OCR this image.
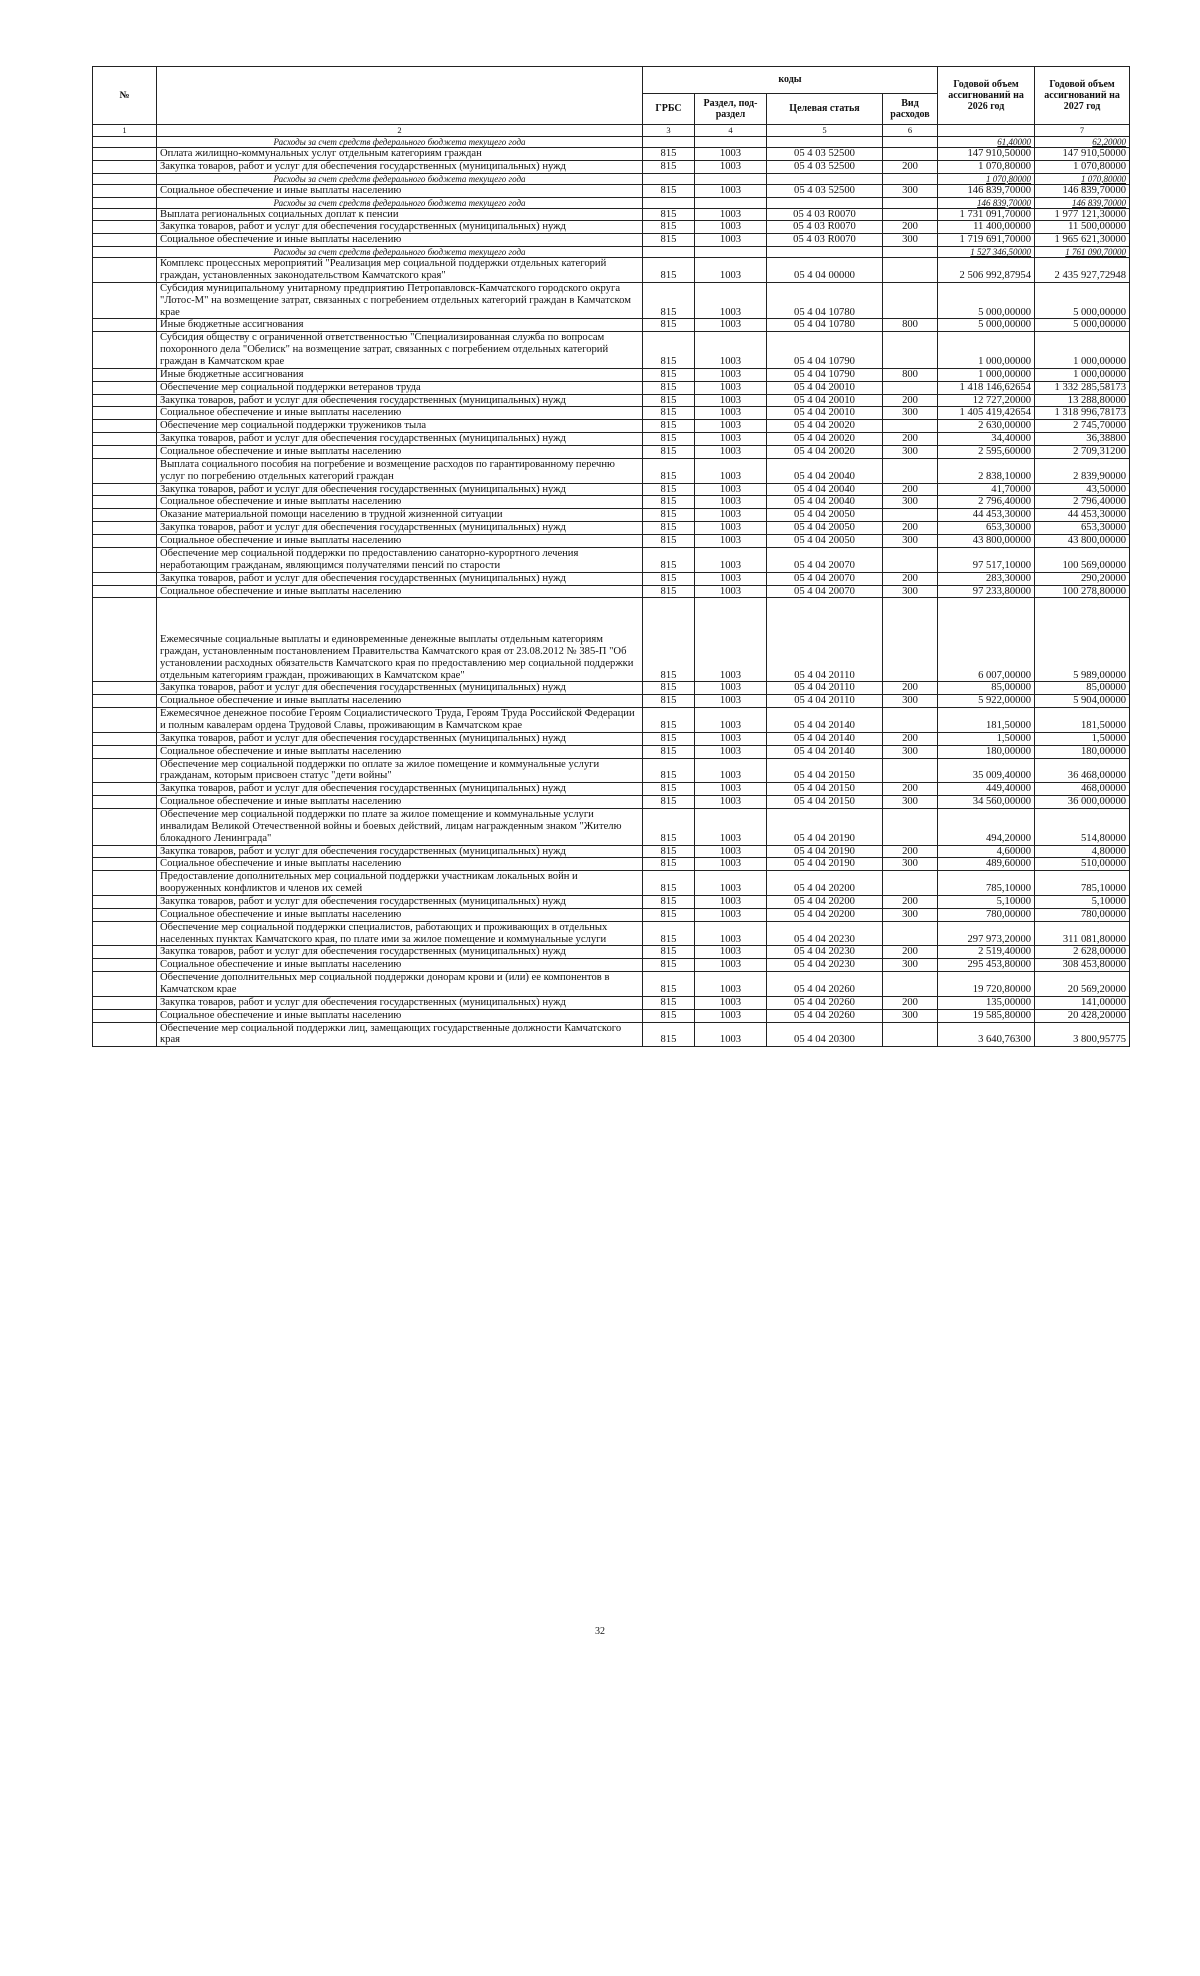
№		коды				Годовой объем ассигнований на 2026 год	Годовой объем ассигнований на 2027 год
		ГРБС	Раздел, под-раздел	Целевая статья	Вид расходов		
1	2	3	4	5	6		7
	Расходы за счет средств федерального бюджета текущего года					61,40000	62,20000
	Оплата жилищно-коммунальных услуг отдельным категориям граждан	815	1003	05 4 03 52500		147 910,50000	147 910,50000
	Закупка товаров, работ и услуг для обеспечения государственных (муниципальных) нужд	815	1003	05 4 03 52500	200	1 070,80000	1 070,80000
	Расходы за счет средств федерального бюджета текущего года					1 070,80000	1 070,80000
	Социальное обеспечение и иные выплаты населению	815	1003	05 4 03 52500	300	146 839,70000	146 839,70000
	Расходы за счет средств федерального бюджета текущего года					146 839,70000	146 839,70000
	Выплата региональных социальных доплат к пенсии	815	1003	05 4 03 R0070		1 731 091,70000	1 977 121,30000
	Закупка товаров, работ и услуг для обеспечения государственных (муниципальных) нужд	815	1003	05 4 03 R0070	200	11 400,00000	11 500,00000
	Социальное обеспечение и иные выплаты населению	815	1003	05 4 03 R0070	300	1 719 691,70000	1 965 621,30000
	Расходы за счет средств федерального бюджета текущего года					1 527 346,50000	1 761 090,70000
	Комплекс процессных мероприятий "Реализация мер социальной поддержки отдельных категорий граждан, установленных законодательством Камчатского края"	815	1003	05 4 04 00000		2 506 992,87954	2 435 927,72948
	Субсидия муниципальному унитарному предприятию Петропавловск-Камчатского городского округа "Лотос-М" на возмещение затрат, связанных с погребением отдельных категорий граждан в Камчатском крае	815	1003	05 4 04 10780		5 000,00000	5 000,00000
	Иные бюджетные ассигнования	815	1003	05 4 04 10780	800	5 000,00000	5 000,00000
	Субсидия обществу с ограниченной ответственностью "Специализированная служба по вопросам похоронного дела "Обелиск" на возмещение затрат, связанных с погребением отдельных категорий граждан в Камчатском крае	815	1003	05 4 04 10790		1 000,00000	1 000,00000
	Иные бюджетные ассигнования	815	1003	05 4 04 10790	800	1 000,00000	1 000,00000
	Обеспечение мер социальной поддержки ветеранов труда	815	1003	05 4 04 20010		1 418 146,62654	1 332 285,58173
	Закупка товаров, работ и услуг для обеспечения государственных (муниципальных) нужд	815	1003	05 4 04 20010	200	12 727,20000	13 288,80000
	Социальное обеспечение и иные выплаты населению	815	1003	05 4 04 20010	300	1 405 419,42654	1 318 996,78173
	Обеспечение мер социальной поддержки тружеников тыла	815	1003	05 4 04 20020		2 630,00000	2 745,70000
	Закупка товаров, работ и услуг для обеспечения государственных (муниципальных) нужд	815	1003	05 4 04 20020	200	34,40000	36,38800
	Социальное обеспечение и иные выплаты населению	815	1003	05 4 04 20020	300	2 595,60000	2 709,31200
	Выплата социального пособия на погребение и возмещение расходов по гарантированному перечню услуг по погребению отдельных категорий граждан	815	1003	05 4 04 20040		2 838,10000	2 839,90000
	Закупка товаров, работ и услуг для обеспечения государственных (муниципальных) нужд	815	1003	05 4 04 20040	200	41,70000	43,50000
	Социальное обеспечение и иные выплаты населению	815	1003	05 4 04 20040	300	2 796,40000	2 796,40000
	Оказание материальной помощи населению в трудной жизненной ситуации	815	1003	05 4 04 20050		44 453,30000	44 453,30000
	Закупка товаров, работ и услуг для обеспечения государственных (муниципальных) нужд	815	1003	05 4 04 20050	200	653,30000	653,30000
	Социальное обеспечение и иные выплаты населению	815	1003	05 4 04 20050	300	43 800,00000	43 800,00000
	Обеспечение мер социальной поддержки по предоставлению санаторно-курортного лечения неработающим гражданам, являющимся получателями пенсий по старости	815	1003	05 4 04 20070		97 517,10000	100 569,00000
	Закупка товаров, работ и услуг для обеспечения государственных (муниципальных) нужд	815	1003	05 4 04 20070	200	283,30000	290,20000
	Социальное обеспечение и иные выплаты населению	815	1003	05 4 04 20070	300	97 233,80000	100 278,80000
	Ежемесячные социальные выплаты и единовременные денежные выплаты отдельным категориям граждан, установленным постановлением Правительства Камчатского края от 23.08.2012 № 385-П "Об установлении расходных обязательств Камчатского края по предоставлению мер социальной поддержки отдельным категориям граждан, проживающих в Камчатском крае"	815	1003	05 4 04 20110		6 007,00000	5 989,00000
	Закупка товаров, работ и услуг для обеспечения государственных (муниципальных) нужд	815	1003	05 4 04 20110	200	85,00000	85,00000
	Социальное обеспечение и иные выплаты населению	815	1003	05 4 04 20110	300	5 922,00000	5 904,00000
	Ежемесячное денежное пособие Героям Социалистического Труда, Героям Труда Российской Федерации и полным кавалерам ордена Трудовой Славы, проживающим в Камчатском крае	815	1003	05 4 04 20140		181,50000	181,50000
	Закупка товаров, работ и услуг для обеспечения государственных (муниципальных) нужд	815	1003	05 4 04 20140	200	1,50000	1,50000
	Социальное обеспечение и иные выплаты населению	815	1003	05 4 04 20140	300	180,00000	180,00000
	Обеспечение мер социальной поддержки по оплате за жилое помещение и коммунальные услуги гражданам, которым присвоен статус "дети войны"	815	1003	05 4 04 20150		35 009,40000	36 468,00000
	Закупка товаров, работ и услуг для обеспечения государственных (муниципальных) нужд	815	1003	05 4 04 20150	200	449,40000	468,00000
	Социальное обеспечение и иные выплаты населению	815	1003	05 4 04 20150	300	34 560,00000	36 000,00000
	Обеспечение мер социальной поддержки по плате за жилое помещение и коммунальные услуги инвалидам Великой Отечественной войны и боевых действий, лицам награжденным знаком "Жителю блокадного Ленинграда"	815	1003	05 4 04 20190		494,20000	514,80000
	Закупка товаров, работ и услуг для обеспечения государственных (муниципальных) нужд	815	1003	05 4 04 20190	200	4,60000	4,80000
	Социальное обеспечение и иные выплаты населению	815	1003	05 4 04 20190	300	489,60000	510,00000
	Предоставление дополнительных мер социальной поддержки участникам локальных войн и вооруженных конфликтов и членов их семей	815	1003	05 4 04 20200		785,10000	785,10000
	Закупка товаров, работ и услуг для обеспечения государственных (муниципальных) нужд	815	1003	05 4 04 20200	200	5,10000	5,10000
	Социальное обеспечение и иные выплаты населению	815	1003	05 4 04 20200	300	780,00000	780,00000
	Обеспечение мер социальной поддержки специалистов, работающих и проживающих в отдельных населенных пунктах Камчатского края, по плате ими за жилое помещение и коммунальные услуги	815	1003	05 4 04 20230		297 973,20000	311 081,80000
	Закупка товаров, работ и услуг для обеспечения государственных (муниципальных) нужд	815	1003	05 4 04 20230	200	2 519,40000	2 628,00000
	Социальное обеспечение и иные выплаты населению	815	1003	05 4 04 20230	300	295 453,80000	308 453,80000
	Обеспечение дополнительных мер социальной поддержки донорам крови и (или) ее компонентов в Камчатском крае	815	1003	05 4 04 20260		19 720,80000	20 569,20000
	Закупка товаров, работ и услуг для обеспечения государственных (муниципальных) нужд	815	1003	05 4 04 20260	200	135,00000	141,00000
	Социальное обеспечение и иные выплаты населению	815	1003	05 4 04 20260	300	19 585,80000	20 428,20000
	Обеспечение мер социальной поддержки лиц, замещающих государственные должности Камчатского края	815	1003	05 4 04 20300		3 640,76300	3 800,95775
32
